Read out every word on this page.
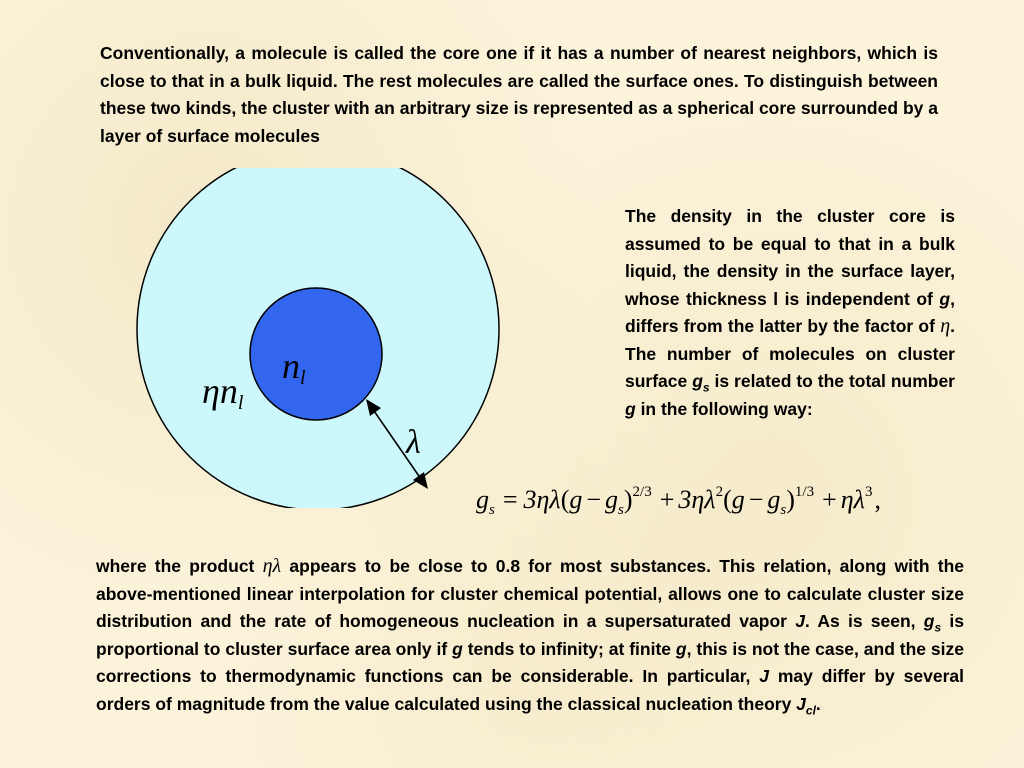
Conventionally, a molecule is called the core one if it has a number of nearest neighbors, which is close to that in a bulk liquid. The rest molecules are called the surface ones. To distinguish between these two kinds, the cluster with an arbitrary size is represented as a spherical core surrounded by a layer of surface molecules

nl
ηnl
λ

The density in the cluster core is assumed to be equal to that in a bulk liquid, the density in the surface layer, whose thickness l is independent of g, differs from the latter by the factor of η. The number of molecules on cluster surface $g_s$ is related to the total number g in the following way:

$g_s = 3\eta\lambda(g - g_s)^{2/3} + 3\eta\lambda^2(g - g_s)^{1/3} + \eta\lambda^3$,

where the product ηλ appears to be close to 0.8 for most substances. This relation, along with the above-mentioned linear interpolation for cluster chemical potential, allows one to calculate cluster size distribution and the rate of homogeneous nucleation in a supersaturated vapor J. As is seen, $g_s$ is proportional to cluster surface area only if g tends to infinity; at finite g, this is not the case, and the size corrections to thermodynamic functions can be considerable. In particular, J may differ by several orders of magnitude from the value calculated using the classical nucleation theory $J_{cl}$.
